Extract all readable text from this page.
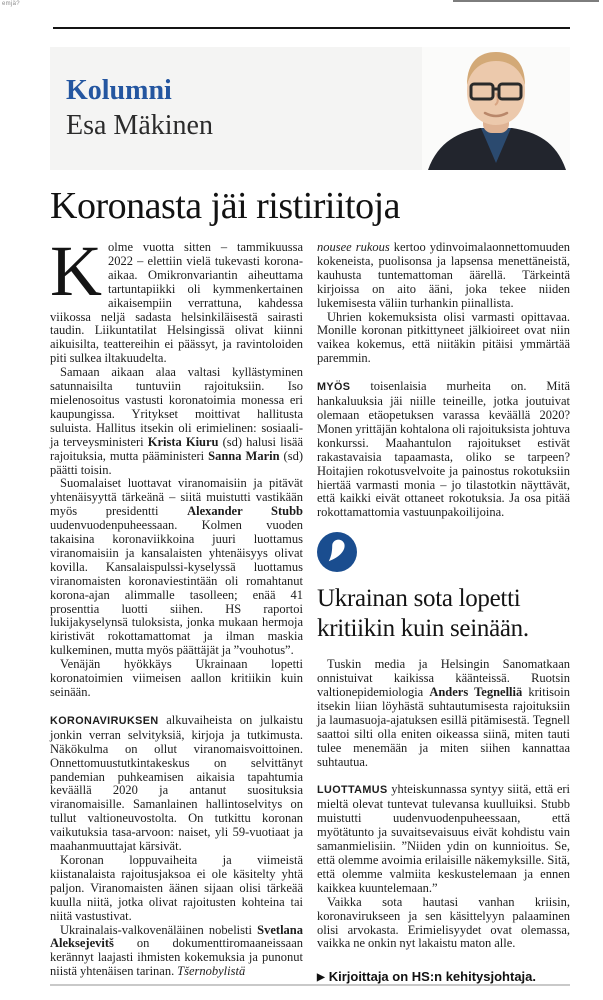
emjä?
Kolumni
Esa Mäkinen
Koronasta jäi ristiriitoja

Kolme vuotta sitten – tammikuussa 2022 – elettiin vielä tukevasti korona-aikaa. Omikronvariantin aiheuttama tartuntapiikki oli kymmenkertainen aikaisempiin verrattuna, kahdessa viikossa neljä sadasta helsinkiläisestä sairasti taudin. Liikuntatilat Helsingissä olivat kiinni aikuisilta, teattereihin ei päässyt, ja ravintoloiden piti sulkea iltakuudelta.

Samaan aikaan alaa valtasi kyllästyminen satunnaisilta tuntuviin rajoituksiin. Iso mielenosoitus vastusti koronatoimia monessa eri kaupungissa. Yritykset moittivat hallitusta suluista. Hallitus itsekin oli erimielinen: sosiaali- ja terveysministeri Krista Kiuru (sd) halusi lisää rajoituksia, mutta pääministeri Sanna Marin (sd) päätti toisin.

Suomalaiset luottavat viranomaisiin ja pitävät yhtenäisyyttä tärkeänä – siitä muistutti vastikään myös presidentti Alexander Stubb uudenvuodenpuheessaan. Kolmen vuoden takaisina koronaviikkoina juuri luottamus viranomaisiin ja kansalaisten yhtenäisyys olivat kovilla. Kansalaispulssi-kyselyssä luottamus viranomaisten koronaviestintään oli romahtanut korona-ajan alimmalle tasolleen; enää 41 prosenttia luotti siihen. HS raportoi lukijakyselynsä tuloksista, jonka mukaan hermoja kiristivät rokottamattomat ja ilman maskia kulkeminen, mutta myös päättäjät ja ”vouhotus”.

Venäjän hyökkäys Ukrainaan lopetti koronatoimien viimeisen aallon kritiikin kuin seinään.

KORONAVIRUKSEN alkuvaiheista on julkaistu jonkin verran selvityksiä, kirjoja ja tutkimusta. Näkökulma on ollut viranomaisvoittoinen. Onnettomuustutkintakeskus on selvittänyt pandemian puhkeamisen aikaisia tapahtumia keväällä 2020 ja antanut suosituksia viranomaisille. Samanlainen hallintoselvitys on tullut valtioneuvostolta. On tutkittu koronan vaikutuksia tasa-arvoon: naiset, yli 59-vuotiaat ja maahanmuuttajat kärsivät.

Koronan loppuvaiheita ja viimeistä kiistanalaista rajoitusjaksoa ei ole käsitelty yhtä paljon. Viranomaisten äänen sijaan olisi tärkeää kuulla niitä, jotka olivat rajoitusten kohteina tai niitä vastustivat.

Ukrainalais-valkovenäläinen nobelisti Svetlana Aleksejevitš on dokumenttiromaaneissaan kerännyt laajasti ihmisten kokemuksia ja punonut niistä yhtenäisen tarinan. Tšernobylistä

nousee rukous kertoo ydinvoimalaonnettomuuden kokeneista, puolisonsa ja lapsensa menettäneistä, kauhusta tuntemattoman äärellä. Tärkeintä kirjoissa on aito ääni, joka tekee niiden lukemisesta väliin turhankin piinallista.

Uhrien kokemuksista olisi varmasti opittavaa. Monille koronan pitkittyneet jälkioireet ovat niin vaikea kokemus, että niitäkin pitäisi ymmärtää paremmin.

MYÖS toisenlaisia murheita on. Mitä hankaluuksia jäi niille teineille, jotka joutuivat olemaan etäopetuksen varassa keväällä 2020? Monen yrittäjän kohtalona oli rajoituksista johtuva konkurssi. Maahantulon rajoitukset estivät rakastavaisia tapaamasta, oliko se tarpeen? Hoitajien rokotusvelvoite ja painostus rokotuksiin hiertää varmasti monia – jo tilastotkin näyttävät, että kaikki eivät ottaneet rokotuksia. Ja osa pitää rokottamattomia vastuunpakoilijoina.

Ukrainan sota lopetti kritiikin kuin seinään.

Tuskin media ja Helsingin Sanomatkaan onnistuivat kaikissa käänteissä. Ruotsin valtionepidemiologia Anders Tegnelliä kritisoin itsekin liian löyhästä suhtautumisesta rajoituksiin ja laumasuoja-ajatuksen esillä pitämisestä. Tegnell saattoi silti olla eniten oikeassa siinä, miten tauti tulee menemään ja miten siihen kannattaa suhtautua.

LUOTTAMUS yhteiskunnassa syntyy siitä, että eri mieltä olevat tuntevat tulevansa kuulluiksi. Stubb muistutti uudenvuodenpuheessaan, että myötätunto ja suvaitsevaisuus eivät kohdistu vain samanmielisiin. ”Niiden ydin on kunnioitus. Se, että olemme avoimia erilaisille näkemyksille. Sitä, että olemme valmiita keskustelemaan ja ennen kaikkea kuuntelemaan.”

Vaikka sota hautasi vanhan kriisin, koronavirukseen ja sen käsittelyyn palaaminen olisi arvokasta. Erimielisyydet ovat olemassa, vaikka ne onkin nyt lakaistu maton alle.

▶ Kirjoittaja on HS:n kehitysjohtaja.
